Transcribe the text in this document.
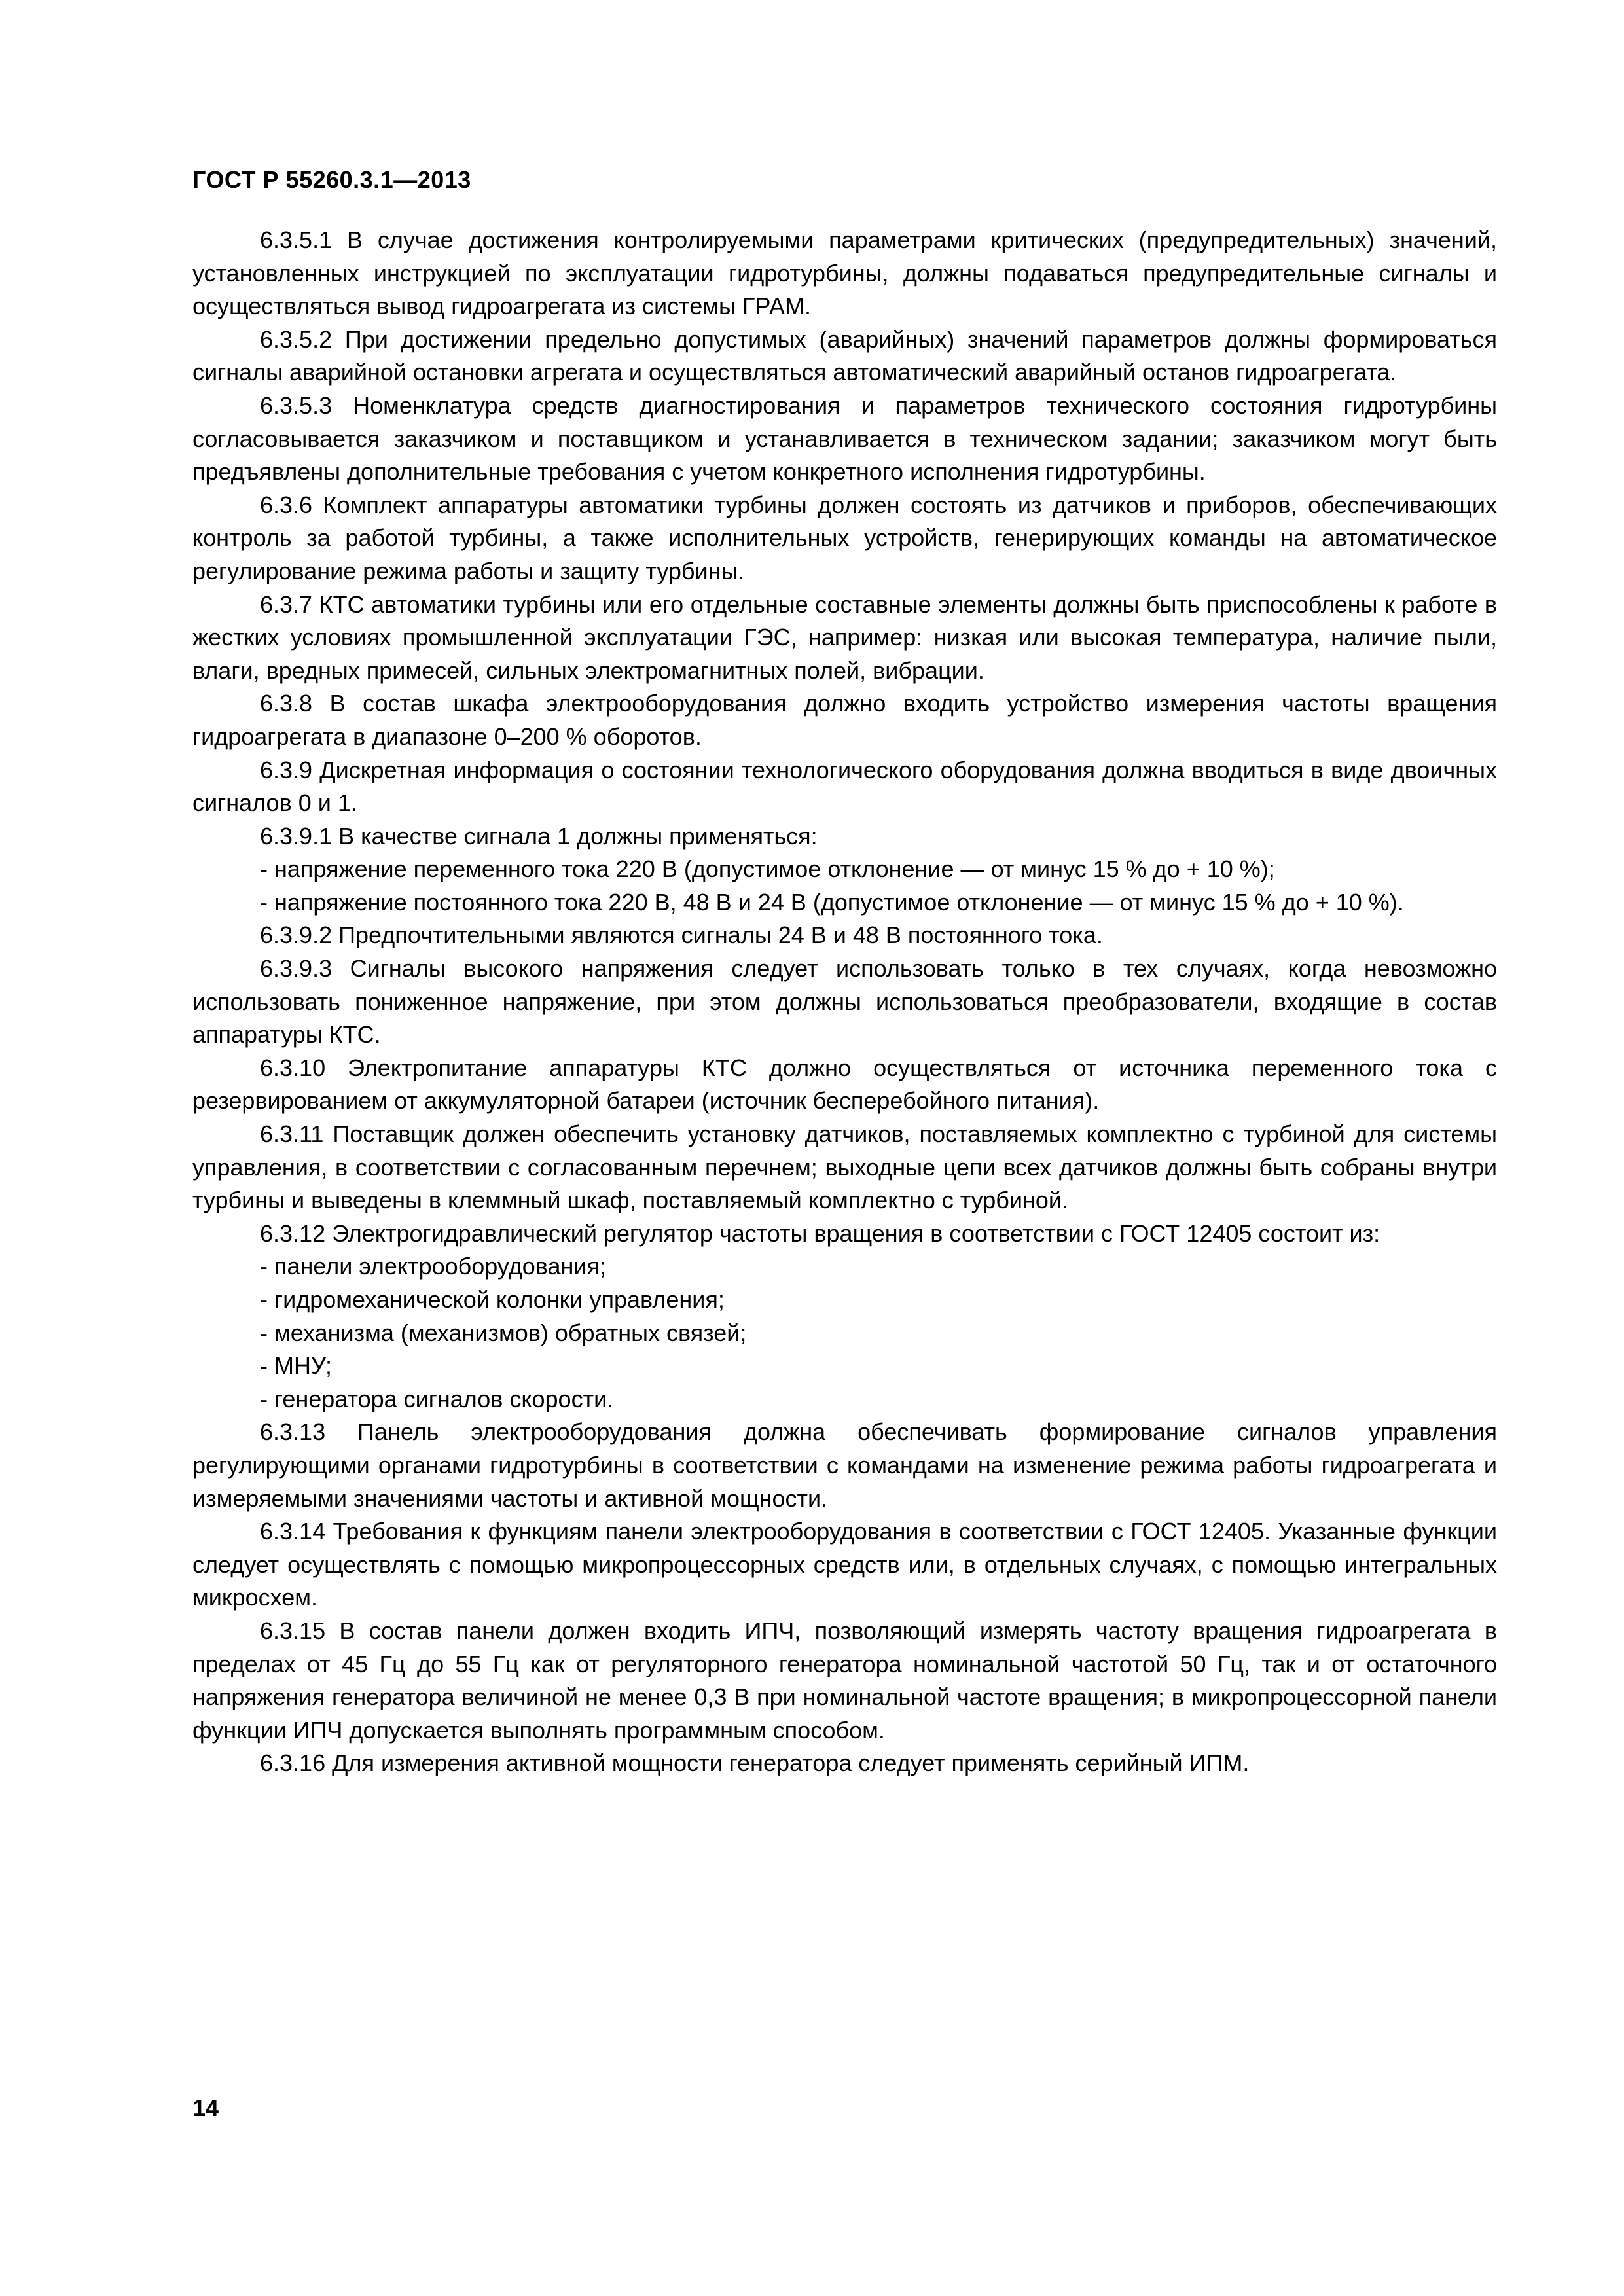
ГОСТ Р 55260.3.1—2013

6.3.5.1 В случае достижения контролируемыми параметрами критических (предупредительных) значений, установленных инструкцией по эксплуатации гидротурбины, должны подаваться предупредительные сигналы и осуществляться вывод гидроагрегата из системы ГРАМ.

6.3.5.2 При достижении предельно допустимых (аварийных) значений параметров должны формироваться сигналы аварийной остановки агрегата и осуществляться автоматический аварийный останов гидроагрегата.

6.3.5.3 Номенклатура средств диагностирования и параметров технического состояния гидротурбины согласовывается заказчиком и поставщиком и устанавливается в техническом задании; заказчиком могут быть предъявлены дополнительные требования с учетом конкретного исполнения гидротурбины.

6.3.6 Комплект аппаратуры автоматики турбины должен состоять из датчиков и приборов, обеспечивающих контроль за работой турбины, а также исполнительных устройств, генерирующих команды на автоматическое регулирование режима работы и защиту турбины.

6.3.7 КТС автоматики турбины или его отдельные составные элементы должны быть приспособлены к работе в жестких условиях промышленной эксплуатации ГЭС, например: низкая или высокая температура, наличие пыли, влаги, вредных примесей, сильных электромагнитных полей, вибрации.

6.3.8 В состав шкафа электрооборудования должно входить устройство измерения частоты вращения гидроагрегата в диапазоне 0–200 % оборотов.

6.3.9 Дискретная информация о состоянии технологического оборудования должна вводиться в виде двоичных сигналов 0 и 1.

6.3.9.1 В качестве сигнала 1 должны применяться:

- напряжение переменного тока 220 В (допустимое отклонение — от минус 15 % до + 10 %);

- напряжение постоянного тока 220 В, 48 В и 24 В (допустимое отклонение — от минус 15 % до + 10 %).

6.3.9.2 Предпочтительными являются сигналы 24 В и 48 В постоянного тока.

6.3.9.3 Сигналы высокого напряжения следует использовать только в тех случаях, когда невозможно использовать пониженное напряжение, при этом должны использоваться преобразователи, входящие в состав аппаратуры КТС.

6.3.10 Электропитание аппаратуры КТС должно осуществляться от источника переменного тока с резервированием от аккумуляторной батареи (источник бесперебойного питания).

6.3.11 Поставщик должен обеспечить установку датчиков, поставляемых комплектно с турбиной для системы управления, в соответствии с согласованным перечнем; выходные цепи всех датчиков должны быть собраны внутри турбины и выведены в клеммный шкаф, поставляемый комплектно с турбиной.

6.3.12 Электрогидравлический регулятор частоты вращения в соответствии с ГОСТ 12405 состоит из:

- панели электрооборудования;

- гидромеханической колонки управления;

- механизма (механизмов) обратных связей;

- МНУ;

- генератора сигналов скорости.

6.3.13 Панель электрооборудования должна обеспечивать формирование сигналов управления регулирующими органами гидротурбины в соответствии с командами на изменение режима работы гидроагрегата и измеряемыми значениями частоты и активной мощности.

6.3.14 Требования к функциям панели электрооборудования в соответствии с ГОСТ 12405. Указанные функции следует осуществлять с помощью микропроцессорных средств или, в отдельных случаях, с помощью интегральных микросхем.

6.3.15 В состав панели должен входить ИПЧ, позволяющий измерять частоту вращения гидроагрегата в пределах от 45 Гц до 55 Гц как от регуляторного генератора номинальной частотой 50 Гц, так и от остаточного напряжения генератора величиной не менее 0,3 В при номинальной частоте вращения; в микропроцессорной панели функции ИПЧ допускается выполнять программным способом.

6.3.16 Для измерения активной мощности генератора следует применять серийный ИПМ.

14
